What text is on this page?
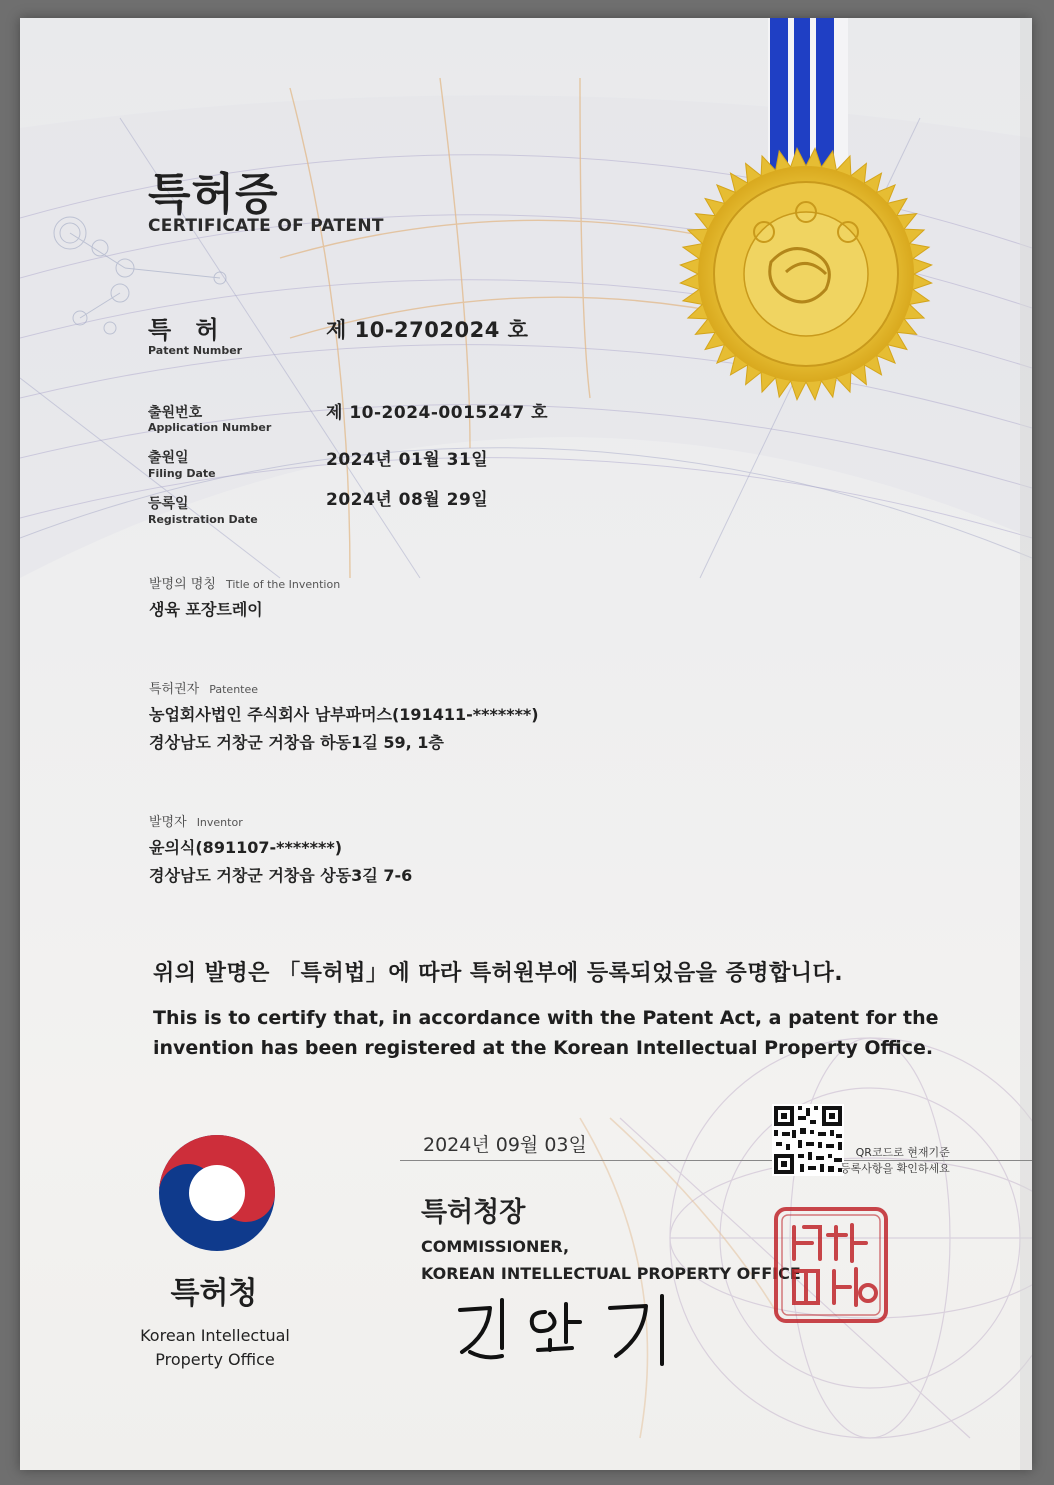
특허증
CERTIFICATE OF PATENT
특 허
Patent Number
제 10-2702024 호
출원번호
Application Number
제 10-2024-0015247 호
출원일
Filing Date
2024년 01월 31일
등록일
Registration Date
2024년 08월 29일
발명의 명칭 Title of the Invention
생육 포장트레이
특허권자 Patentee
농업회사법인 주식회사 남부파머스(191411-*******)
경상남도 거창군 거창읍 하동1길 59, 1층
발명자 Inventor
윤의식(891107-*******)
경상남도 거창군 거창읍 상동3길 7-6
위의 발명은 「특허법」에 따라 특허원부에 등록되었음을 증명합니다.
This is to certify that, in accordance with the Patent Act, a patent for the invention has been registered at the Korean Intellectual Property Office.
특허청
Korean Intellectual
Property Office
2024년 09월 03일
특허청장
COMMISSIONER,
KOREAN INTELLECTUAL PROPERTY OFFICE
QR코드로 현재기준
등록사항을 확인하세요
